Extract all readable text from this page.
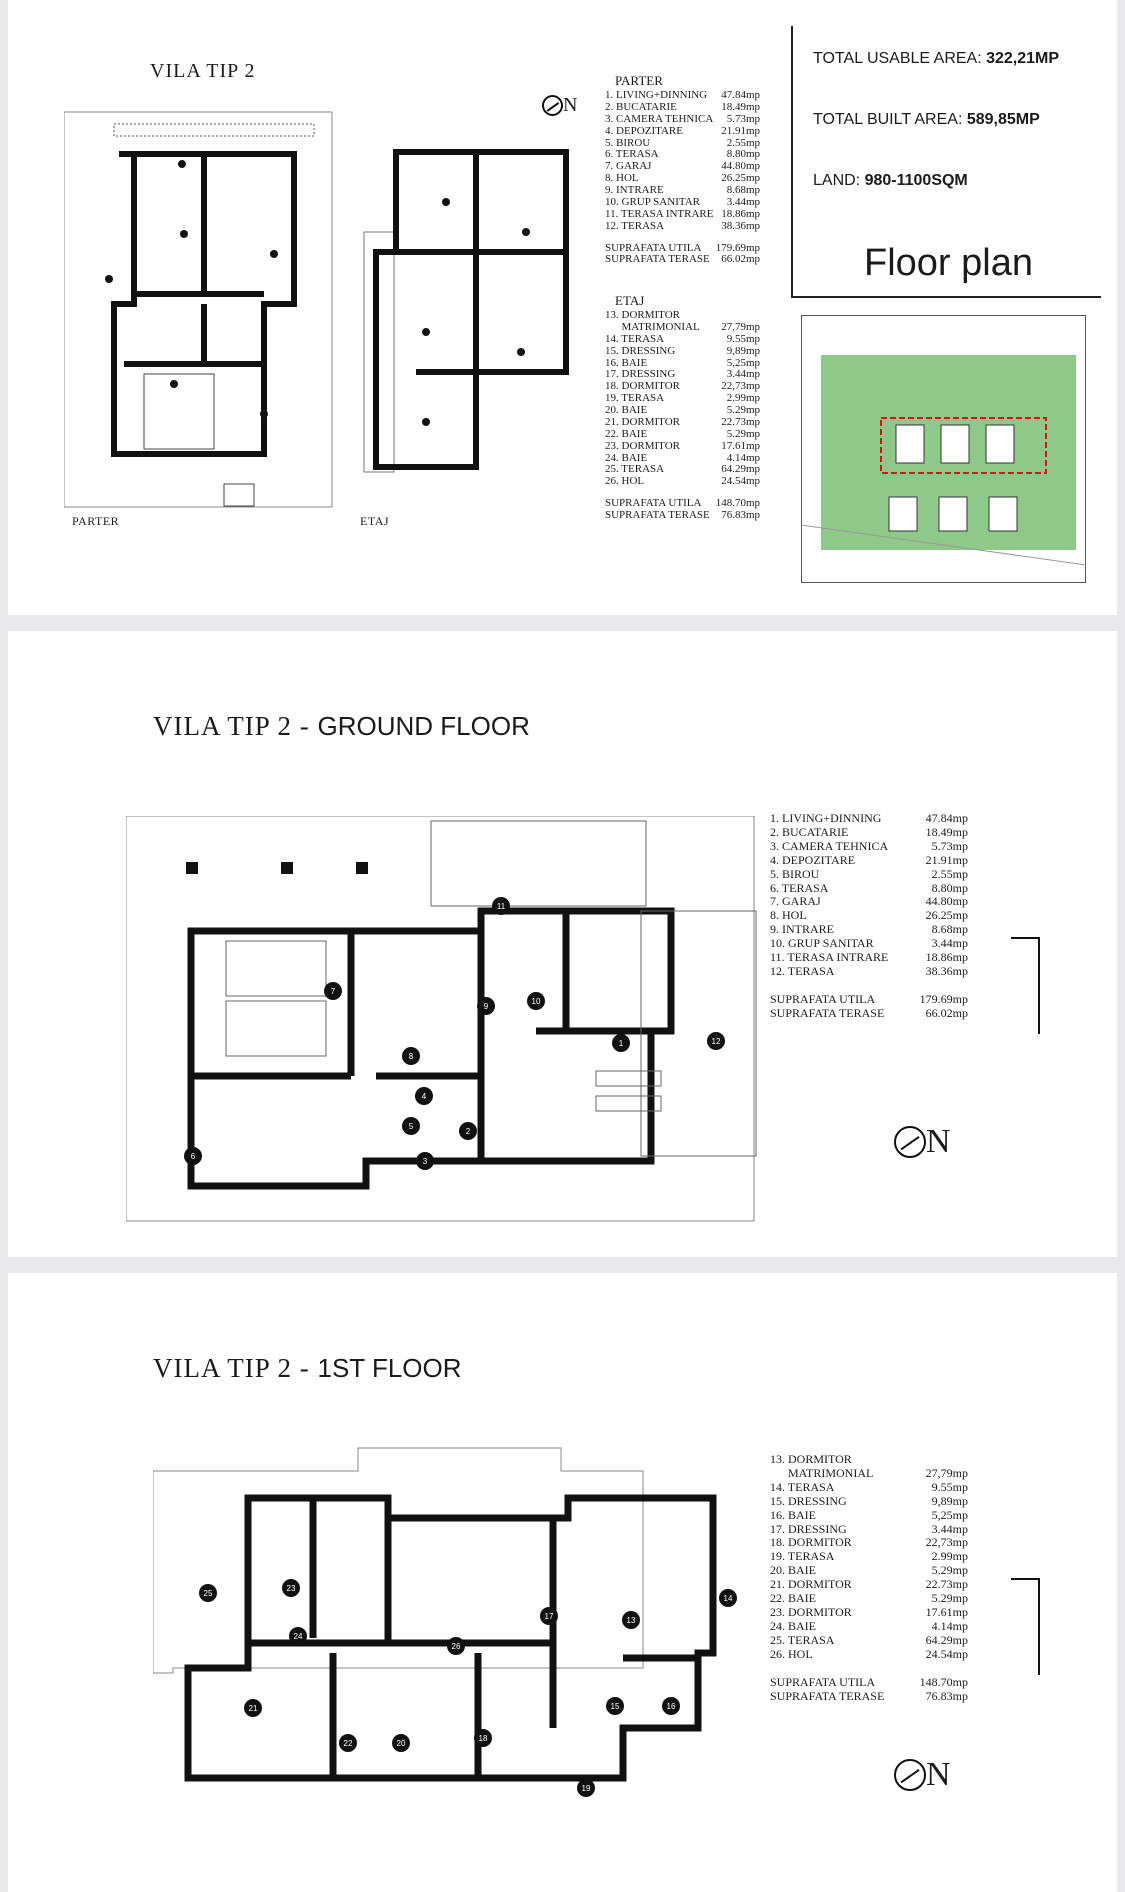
VILA TIP 2
PARTER	ETAJ
N
PARTER
1. LIVING+DINNING 47.84mp
2. BUCATARIE	18.49mp
3. CAMERA TEHNICA 5.73mp
4. DEPOZITARE	21.91mp
5. BIROU	2.55mp
6. TERASA	8.80mp
7. GARAJ	44.80mp
8. HOL	26.25mp
9. INTRARE	8.68mp
10. GRUP SANITAR 3.44mp
11. TERASA INTRARE 18.86mp
12. TERASA	38.36mp
SUPRAFATA UTILA 179.69mp
SUPRAFATA TERASE 66.02mp
ETAJ
13. DORMITOR
MATRIMONIAL 27,79mp
14. TERASA	9.55mp
15. DRESSING	9,89mp
16. BAIE	5,25mp
17. DRESSING	3.44mp
18. DORMITOR	22,73mp
19. TERASA	2.99mp
20. BAIE	5.29mp
21. DORMITOR	22.73mp
22. BAIE	5.29mp
23. DORMITOR	17.61mp
24. BAIE	4.14mp
25. TERASA	64.29mp
26. HOL	24.54mp
SUPRAFATA UTILA 148.70mp
SUPRAFATA TERASE 76.83mp
TOTAL USABLE AREA: 322,21MP
TOTAL BUILT AREA: 589,85MP
LAND: 980-1100SQM
Floor plan
VILA TIP 2 - GROUND FLOOR
7
5
6
8
9
10
11
1	12
4
2
3
1. LIVING+DINNING	47.84mp
2. BUCATARIE	18.49mp
3. CAMERA TEHNICA	5.73mp
4. DEPOZITARE	21.91mp
5. BIROU	2.55mp
6. TERASA	8.80mp
7. GARAJ	44.80mp
8. HOL	26.25mp
9. INTRARE	8.68mp
10. GRUP SANITAR	3.44mp
11. TERASA INTRARE	18.86mp
12. TERASA	38.36mp
SUPRAFATA UTILA	179.69mp
SUPRAFATA TERASE	66.02mp
N
VILA TIP 2 - 1ST FLOOR
25
23
24
26
17	13
14
15	16
21
22	20
18
19
13. DORMITOR
MATRIMONIAL	27,79mp
14. TERASA	9.55mp
15. DRESSING	9,89mp
16. BAIE	5,25mp
17. DRESSING	3.44mp
18. DORMITOR	22,73mp
19. TERASA	2.99mp
20. BAIE	5.29mp
21. DORMITOR	22.73mp
22. BAIE	5.29mp
23. DORMITOR	17.61mp
24. BAIE	4.14mp
25. TERASA	64.29mp
26. HOL	24.54mp
SUPRAFATA UTILA	148.70mp
SUPRAFATA TERASE	76.83mp
N
